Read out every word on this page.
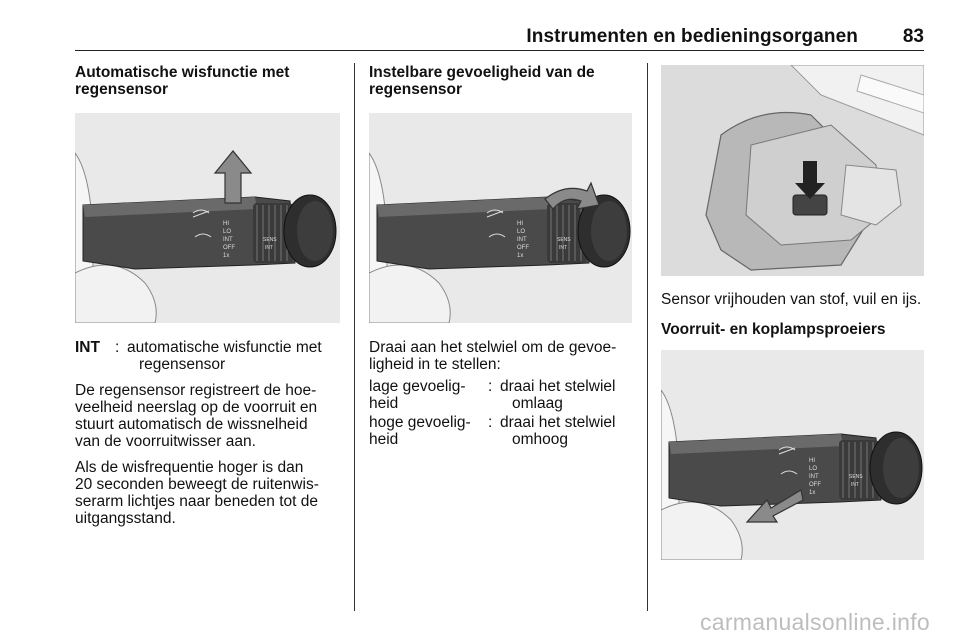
Instrumenten en bedieningsorganen 83
Automatische wisfunctie met
regensensor
HI
LO
INT
OFF
1x
SENS
INT
INT : automatische wisfunctie met
regensensor
De regensensor registreert de hoe-
veelheid neerslag op de voorruit en
stuurt automatisch de wissnelheid
van de voorruitwisser aan.
Als de wisfrequentie hoger is dan
20 seconden beweegt de ruitenwis-
serarm lichtjes naar beneden tot de
uitgangsstand.
Instelbare gevoeligheid van de
regensensor
HI
LO
INT
OFF
1x
SENS
INT
Draai aan het stelwiel om de gevoe-
ligheid in te stellen:
lage gevoelig-
heid
: draai het stelwiel
omlaag
hoge gevoelig-
heid
: draai het stelwiel
omhoog
Sensor vrijhouden van stof, vuil en ijs.
Voorruit- en koplampsproeiers
HI
LO
INT
OFF
1x
SENS
INT
carmanualsonline.info
